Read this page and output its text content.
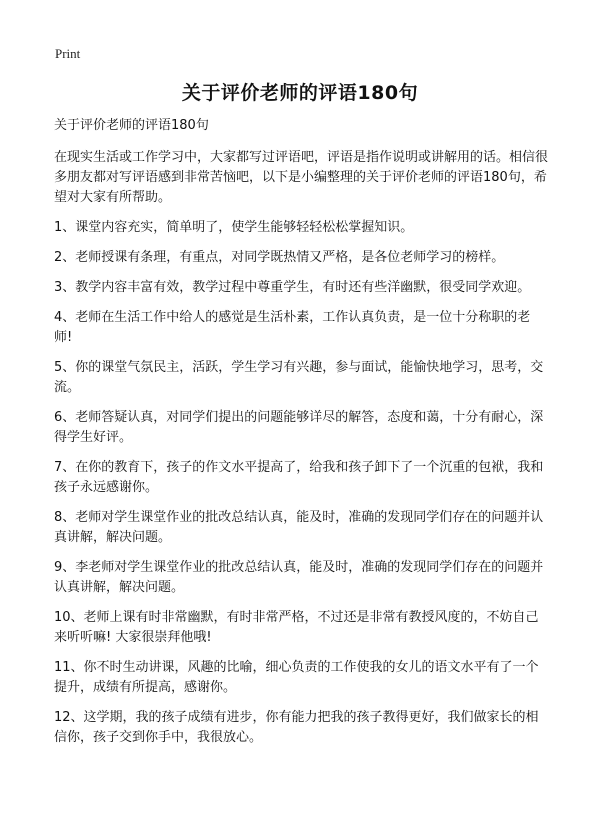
Print
关于评价老师的评语180句

关于评价老师的评语180句

在现实生活或工作学习中，大家都写过评语吧，评语是指作说明或讲解用的话。相信很多朋友都对写评语感到非常苦恼吧，以下是小编整理的关于评价老师的评语180句，希望对大家有所帮助。

1、课堂内容充实，简单明了，使学生能够轻轻松松掌握知识。

2、老师授课有条理，有重点，对同学既热情又严格，是各位老师学习的榜样。

3、教学内容丰富有效，教学过程中尊重学生，有时还有些洋幽默，很受同学欢迎。

4、老师在生活工作中给人的感觉是生活朴素，工作认真负责，是一位十分称职的老师!

5、你的课堂气氛民主，活跃，学生学习有兴趣，参与面试，能愉快地学习，思考，交流。

6、老师答疑认真，对同学们提出的问题能够详尽的解答，态度和蔼，十分有耐心，深得学生好评。

7、在你的教育下，孩子的作文水平提高了，给我和孩子卸下了一个沉重的包袱，我和孩子永远感谢你。

8、老师对学生课堂作业的批改总结认真，能及时，准确的发现同学们存在的问题并认真讲解，解决问题。

9、李老师对学生课堂作业的批改总结认真，能及时，准确的发现同学们存在的问题并认真讲解，解决问题。

10、老师上课有时非常幽默，有时非常严格，不过还是非常有教授风度的，不妨自己来听听嘛! 大家很崇拜他哦!

11、你不时生动讲课，风趣的比喻，细心负责的工作使我的女儿的语文水平有了一个提升，成绩有所提高，感谢你。

12、这学期，我的孩子成绩有进步，你有能力把我的孩子教得更好，我们做家长的相信你，孩子交到你手中，我很放心。
